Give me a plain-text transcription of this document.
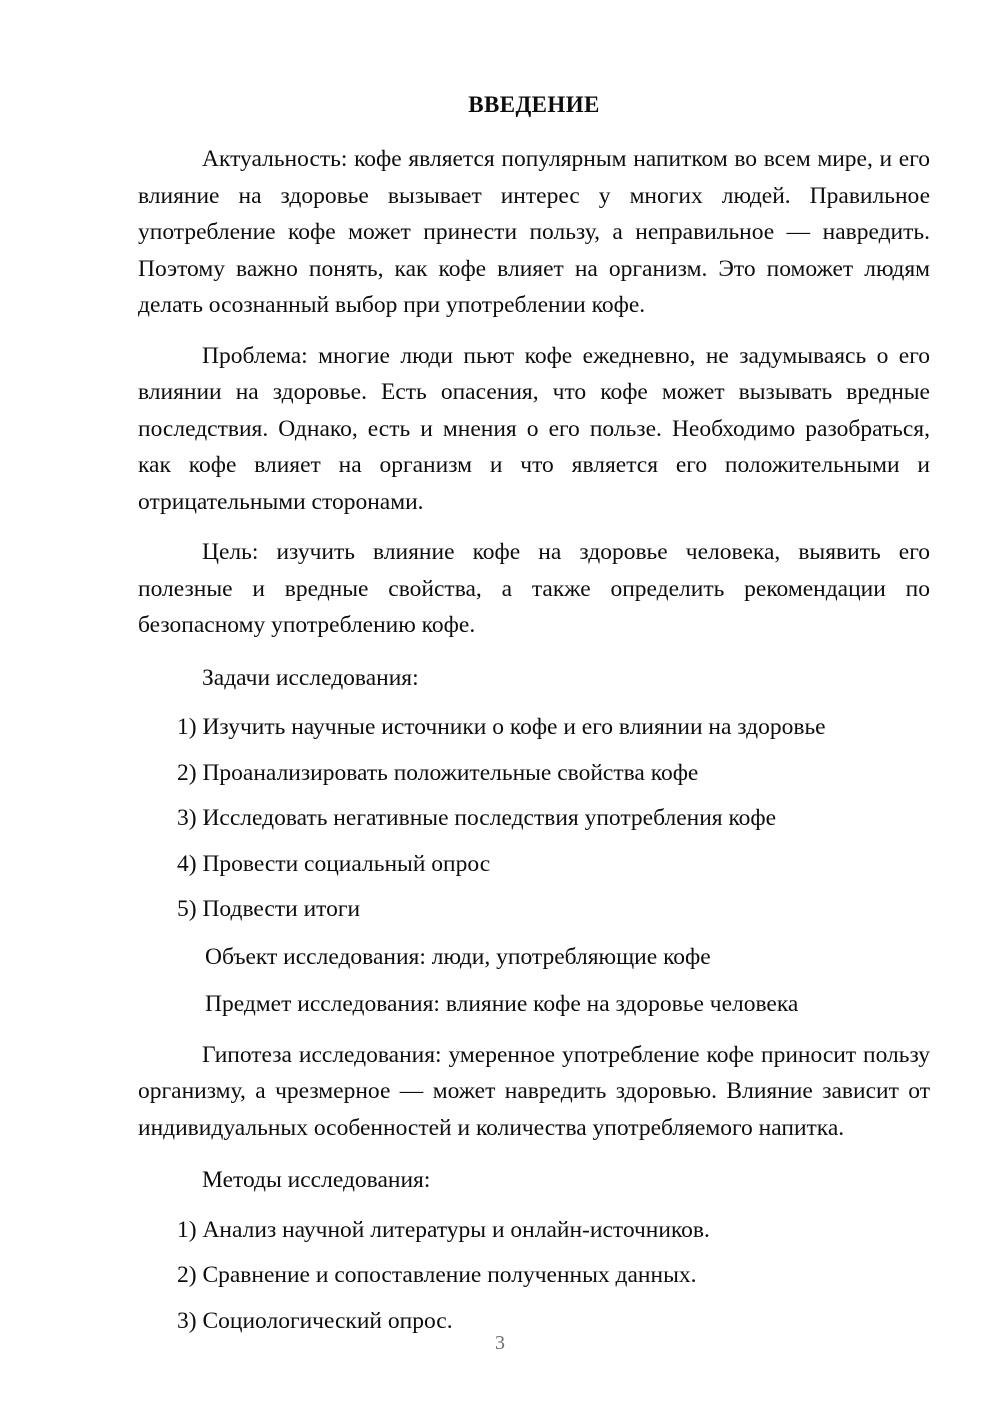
ВВЕДЕНИЕ

Актуальность: кофе является популярным напитком во всем мире, и его влияние на здоровье вызывает интерес у многих людей. Правильное употребление кофе может принести пользу, а неправильное — навредить. Поэтому важно понять, как кофе влияет на организм. Это поможет людям делать осознанный выбор при употреблении кофе.

Проблема: многие люди пьют кофе ежедневно, не задумываясь о его влиянии на здоровье. Есть опасения, что кофе может вызывать вредные последствия. Однако, есть и мнения о его пользе. Необходимо разобраться, как кофе влияет на организм и что является его положительными и отрицательными сторонами.

Цель: изучить влияние кофе на здоровье человека, выявить его полезные и вредные свойства, а также определить рекомендации по безопасному употреблению кофе.

Задачи исследования:

1) Изучить научные источники о кофе и его влиянии на здоровье

2) Проанализировать положительные свойства кофе

3) Исследовать негативные последствия употребления кофе

4) Провести социальный опрос

5) Подвести итоги

Объект исследования: люди, употребляющие кофе

Предмет исследования: влияние кофе на здоровье человека

Гипотеза исследования: умеренное употребление кофе приносит пользу организму, а чрезмерное — может навредить здоровью. Влияние зависит от индивидуальных особенностей и количества употребляемого напитка.

Методы исследования:

1) Анализ научной литературы и онлайн-источников.

2) Сравнение и сопоставление полученных данных.

3) Социологический опрос.

3
